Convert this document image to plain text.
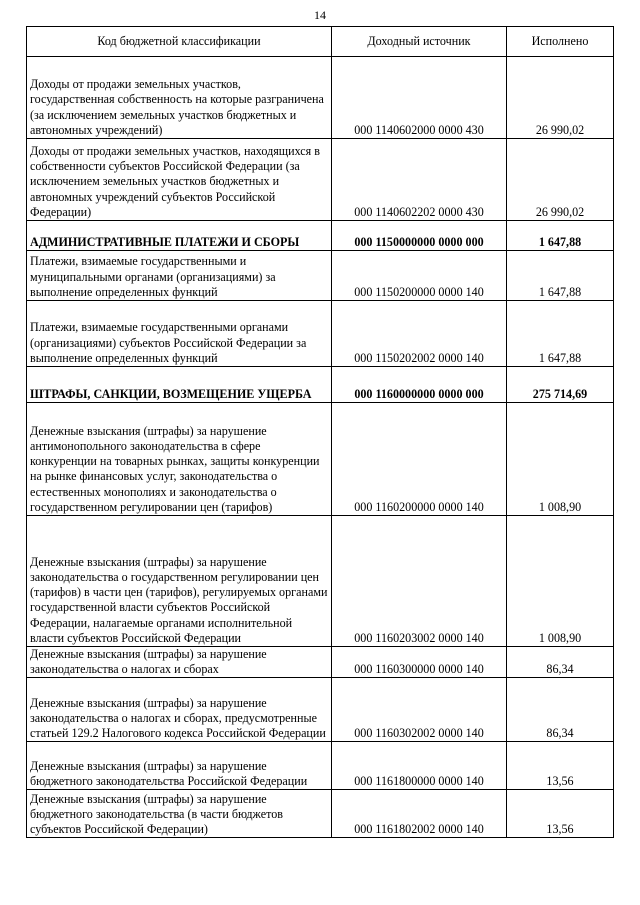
14
Код бюджетной классификации	Доходный источник	Исполнено
Доходы от продажи земельных участков, государственная собственность на которые разграничена (за исключением земельных участков бюджетных и автономных учреждений)	000 1140602000 0000 430	26 990,02
Доходы от продажи земельных участков, находящихся в собственности субъектов Российской Федерации (за исключением земельных участков бюджетных и автономных учреждений субъектов Российской Федерации)	000 1140602202 0000 430	26 990,02
АДМИНИСТРАТИВНЫЕ ПЛАТЕЖИ И СБОРЫ	000 1150000000 0000 000	1 647,88
Платежи, взимаемые государственными и муниципальными органами (организациями) за выполнение определенных функций	000 1150200000 0000 140	1 647,88
Платежи, взимаемые государственными органами (организациями) субъектов Российской Федерации за выполнение определенных функций	000 1150202002 0000 140	1 647,88
ШТРАФЫ, САНКЦИИ, ВОЗМЕЩЕНИЕ УЩЕРБА	000 1160000000 0000 000	275 714,69
Денежные взыскания (штрафы) за нарушение антимонопольного законодательства в сфере конкуренции на товарных рынках, защиты конкуренции на рынке финансовых услуг, законодательства о естественных монополиях и законодательства о государственном регулировании цен (тарифов)	000 1160200000 0000 140	1 008,90
Денежные взыскания (штрафы) за нарушение законодательства о государственном регулировании цен (тарифов) в части цен (тарифов), регулируемых органами государственной власти субъектов Российской Федерации, налагаемые органами исполнительной власти субъектов Российской Федерации	000 1160203002 0000 140	1 008,90
Денежные взыскания (штрафы) за нарушение законодательства о налогах и сборах	000 1160300000 0000 140	86,34
Денежные взыскания (штрафы) за нарушение законодательства о налогах и сборах, предусмотренные статьей 129.2 Налогового кодекса Российской Федерации	000 1160302002 0000 140	86,34
Денежные взыскания (штрафы) за нарушение бюджетного законодательства Российской Федерации	000 1161800000 0000 140	13,56
Денежные взыскания (штрафы) за нарушение бюджетного законодательства (в части бюджетов субъектов Российской Федерации)	000 1161802002 0000 140	13,56
